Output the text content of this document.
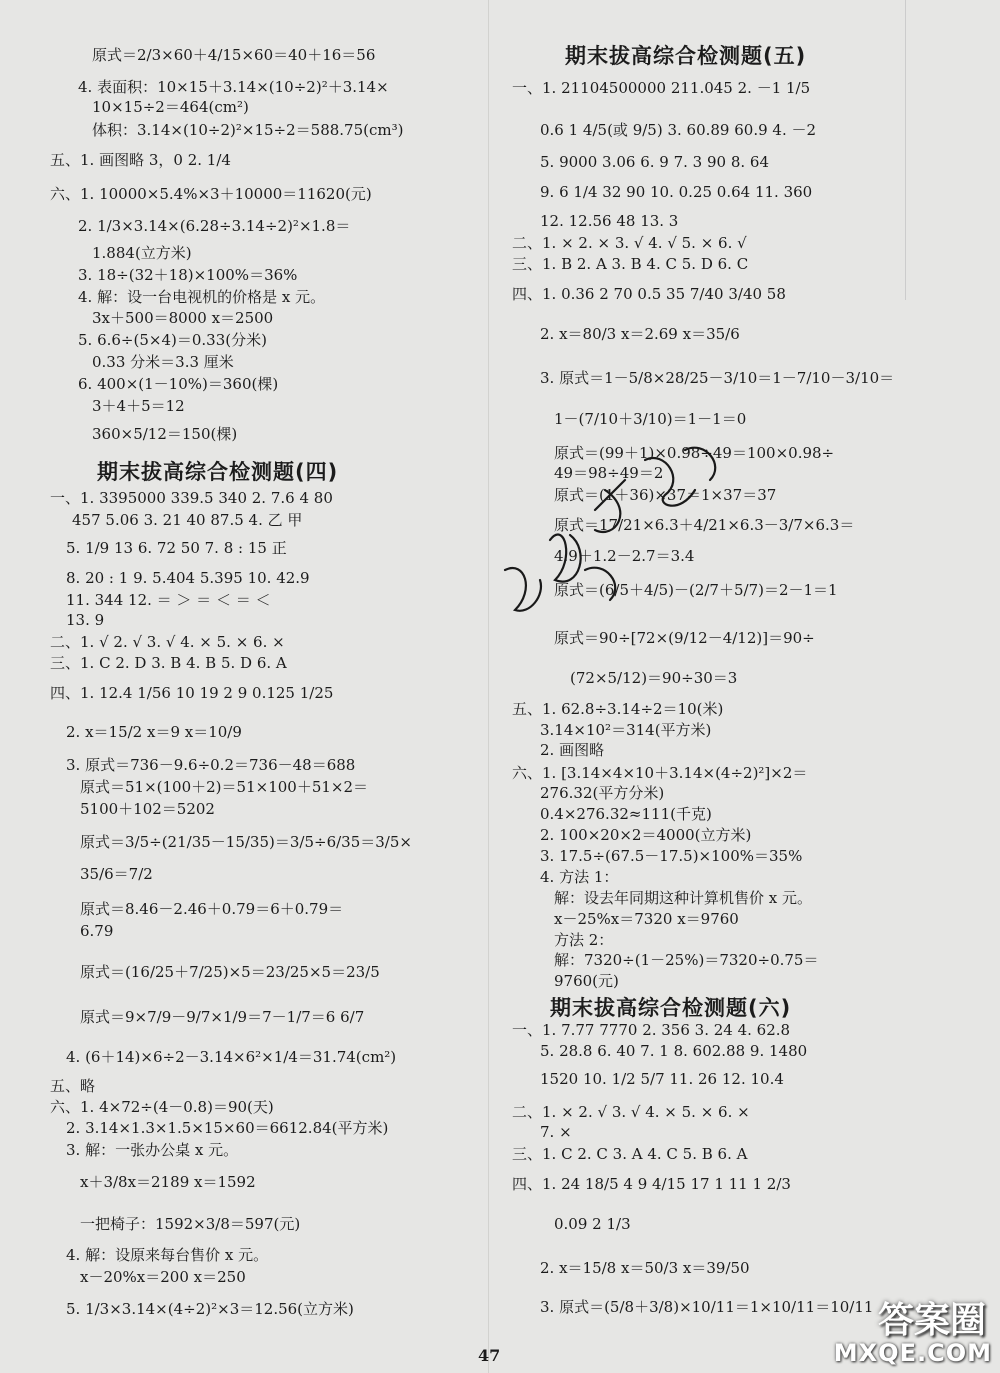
原式＝2/3×60＋4/15×60＝40＋16＝56
4. 表面积：10×15＋3.14×(10÷2)²＋3.14×
10×15÷2＝464(cm²)
体积：3.14×(10÷2)²×15÷2＝588.75(cm³)
五、1. 画图略 3，0 2. 1/4
六、1. 10000×5.4%×3＋10000＝11620(元)
2. 1/3×3.14×(6.28÷3.14÷2)²×1.8＝
1.884(立方米)
3. 18÷(32＋18)×100%＝36%
4. 解：设一台电视机的价格是 x 元。
3x＋500＝8000 x＝2500
5. 6.6÷(5×4)＝0.33(分米)
0.33 分米＝3.3 厘米
6. 400×(1－10%)＝360(棵)
3＋4＋5＝12
360×5/12＝150(棵)
期末拔高综合检测题(四)
一、1. 3395000 339.5 340 2. 7.6 4 80
457 5.06 3. 21 40 87.5 4. 乙 甲
5. 1/9 13 6. 72 50 7. 8 : 15 正
8. 20 : 1 9. 5.404 5.395 10. 42.9
11. 344 12. ＝ ＞ ＝ ＜ ＝ ＜
13. 9
二、1. √ 2. √ 3. √ 4. × 5. × 6. ×
三、1. C 2. D 3. B 4. B 5. D 6. A
四、1. 12.4 1/56 10 19 2 9 0.125 1/25
2. x＝15/2 x＝9 x＝10/9
3. 原式＝736－9.6÷0.2＝736－48＝688
原式＝51×(100＋2)＝51×100＋51×2＝
5100＋102＝5202
原式＝3/5÷(21/35－15/35)＝3/5÷6/35＝3/5×
35/6＝7/2
原式＝8.46－2.46＋0.79＝6＋0.79＝
6.79
原式＝(16/25＋7/25)×5＝23/25×5＝23/5
原式＝9×7/9－9/7×1/9＝7－1/7＝6 6/7
4. (6＋14)×6÷2－3.14×6²×1/4＝31.74(cm²)
五、略
六、1. 4×72÷(4－0.8)＝90(天)
2. 3.14×1.3×1.5×15×60＝6612.84(平方米)
3. 解：一张办公桌 x 元。
x＋3/8x＝2189 x＝1592
一把椅子：1592×3/8＝597(元)
4. 解：设原来每台售价 x 元。
x－20%x＝200 x＝250
5. 1/3×3.14×(4÷2)²×3＝12.56(立方米)
期末拔高综合检测题(五)
一、1. 21104500000 211.045 2. －1 1/5
0.6 1 4/5(或 9/5) 3. 60.89 60.9 4. －2
5. 9000 3.06 6. 9 7. 3 90 8. 64
9. 6 1/4 32 90 10. 0.25 0.64 11. 360
12. 12.56 48 13. 3
二、1. × 2. × 3. √ 4. √ 5. × 6. √
三、1. B 2. A 3. B 4. C 5. D 6. C
四、1. 0.36 2 70 0.5 35 7/40 3/40 58
2. x＝80/3 x＝2.69 x＝35/6
3. 原式＝1－5/8×28/25－3/10＝1－7/10－3/10＝
1－(7/10＋3/10)＝1－1＝0
原式＝(99＋1)×0.98÷49＝100×0.98÷
49＝98÷49＝2
原式＝(1＋36)×37＝1×37＝37
原式＝17/21×6.3＋4/21×6.3－3/7×6.3＝
4.9＋1.2－2.7＝3.4
原式＝(6/5＋4/5)－(2/7＋5/7)＝2－1＝1
原式＝90÷[72×(9/12－4/12)]＝90÷
(72×5/12)＝90÷30＝3
五、1. 62.8÷3.14÷2＝10(米)
3.14×10²＝314(平方米)
2. 画图略
六、1. [3.14×4×10＋3.14×(4÷2)²]×2＝
276.32(平方分米)
0.4×276.32≈111(千克)
2. 100×20×2＝4000(立方米)
3. 17.5÷(67.5－17.5)×100%＝35%
4. 方法 1：
解：设去年同期这种计算机售价 x 元。
x－25%x＝7320 x＝9760
方法 2：
解：7320÷(1－25%)＝7320÷0.75＝
9760(元)
期末拔高综合检测题(六)
一、1. 7.77 7770 2. 356 3. 24 4. 62.8
5. 28.8 6. 40 7. 1 8. 602.88 9. 1480
1520 10. 1/2 5/7 11. 26 12. 10.4
二、1. × 2. √ 3. √ 4. × 5. × 6. ×
7. ×
三、1. C 2. C 3. A 4. C 5. B 6. A
四、1. 24 18/5 4 9 4/15 17 1 11 1 2/3
0.09 2 1/3
2. x＝15/8 x＝50/3 x＝39/50
3. 原式＝(5/8＋3/8)×10/11＝1×10/11＝10/11
47
答案圈
MXQE.COM
